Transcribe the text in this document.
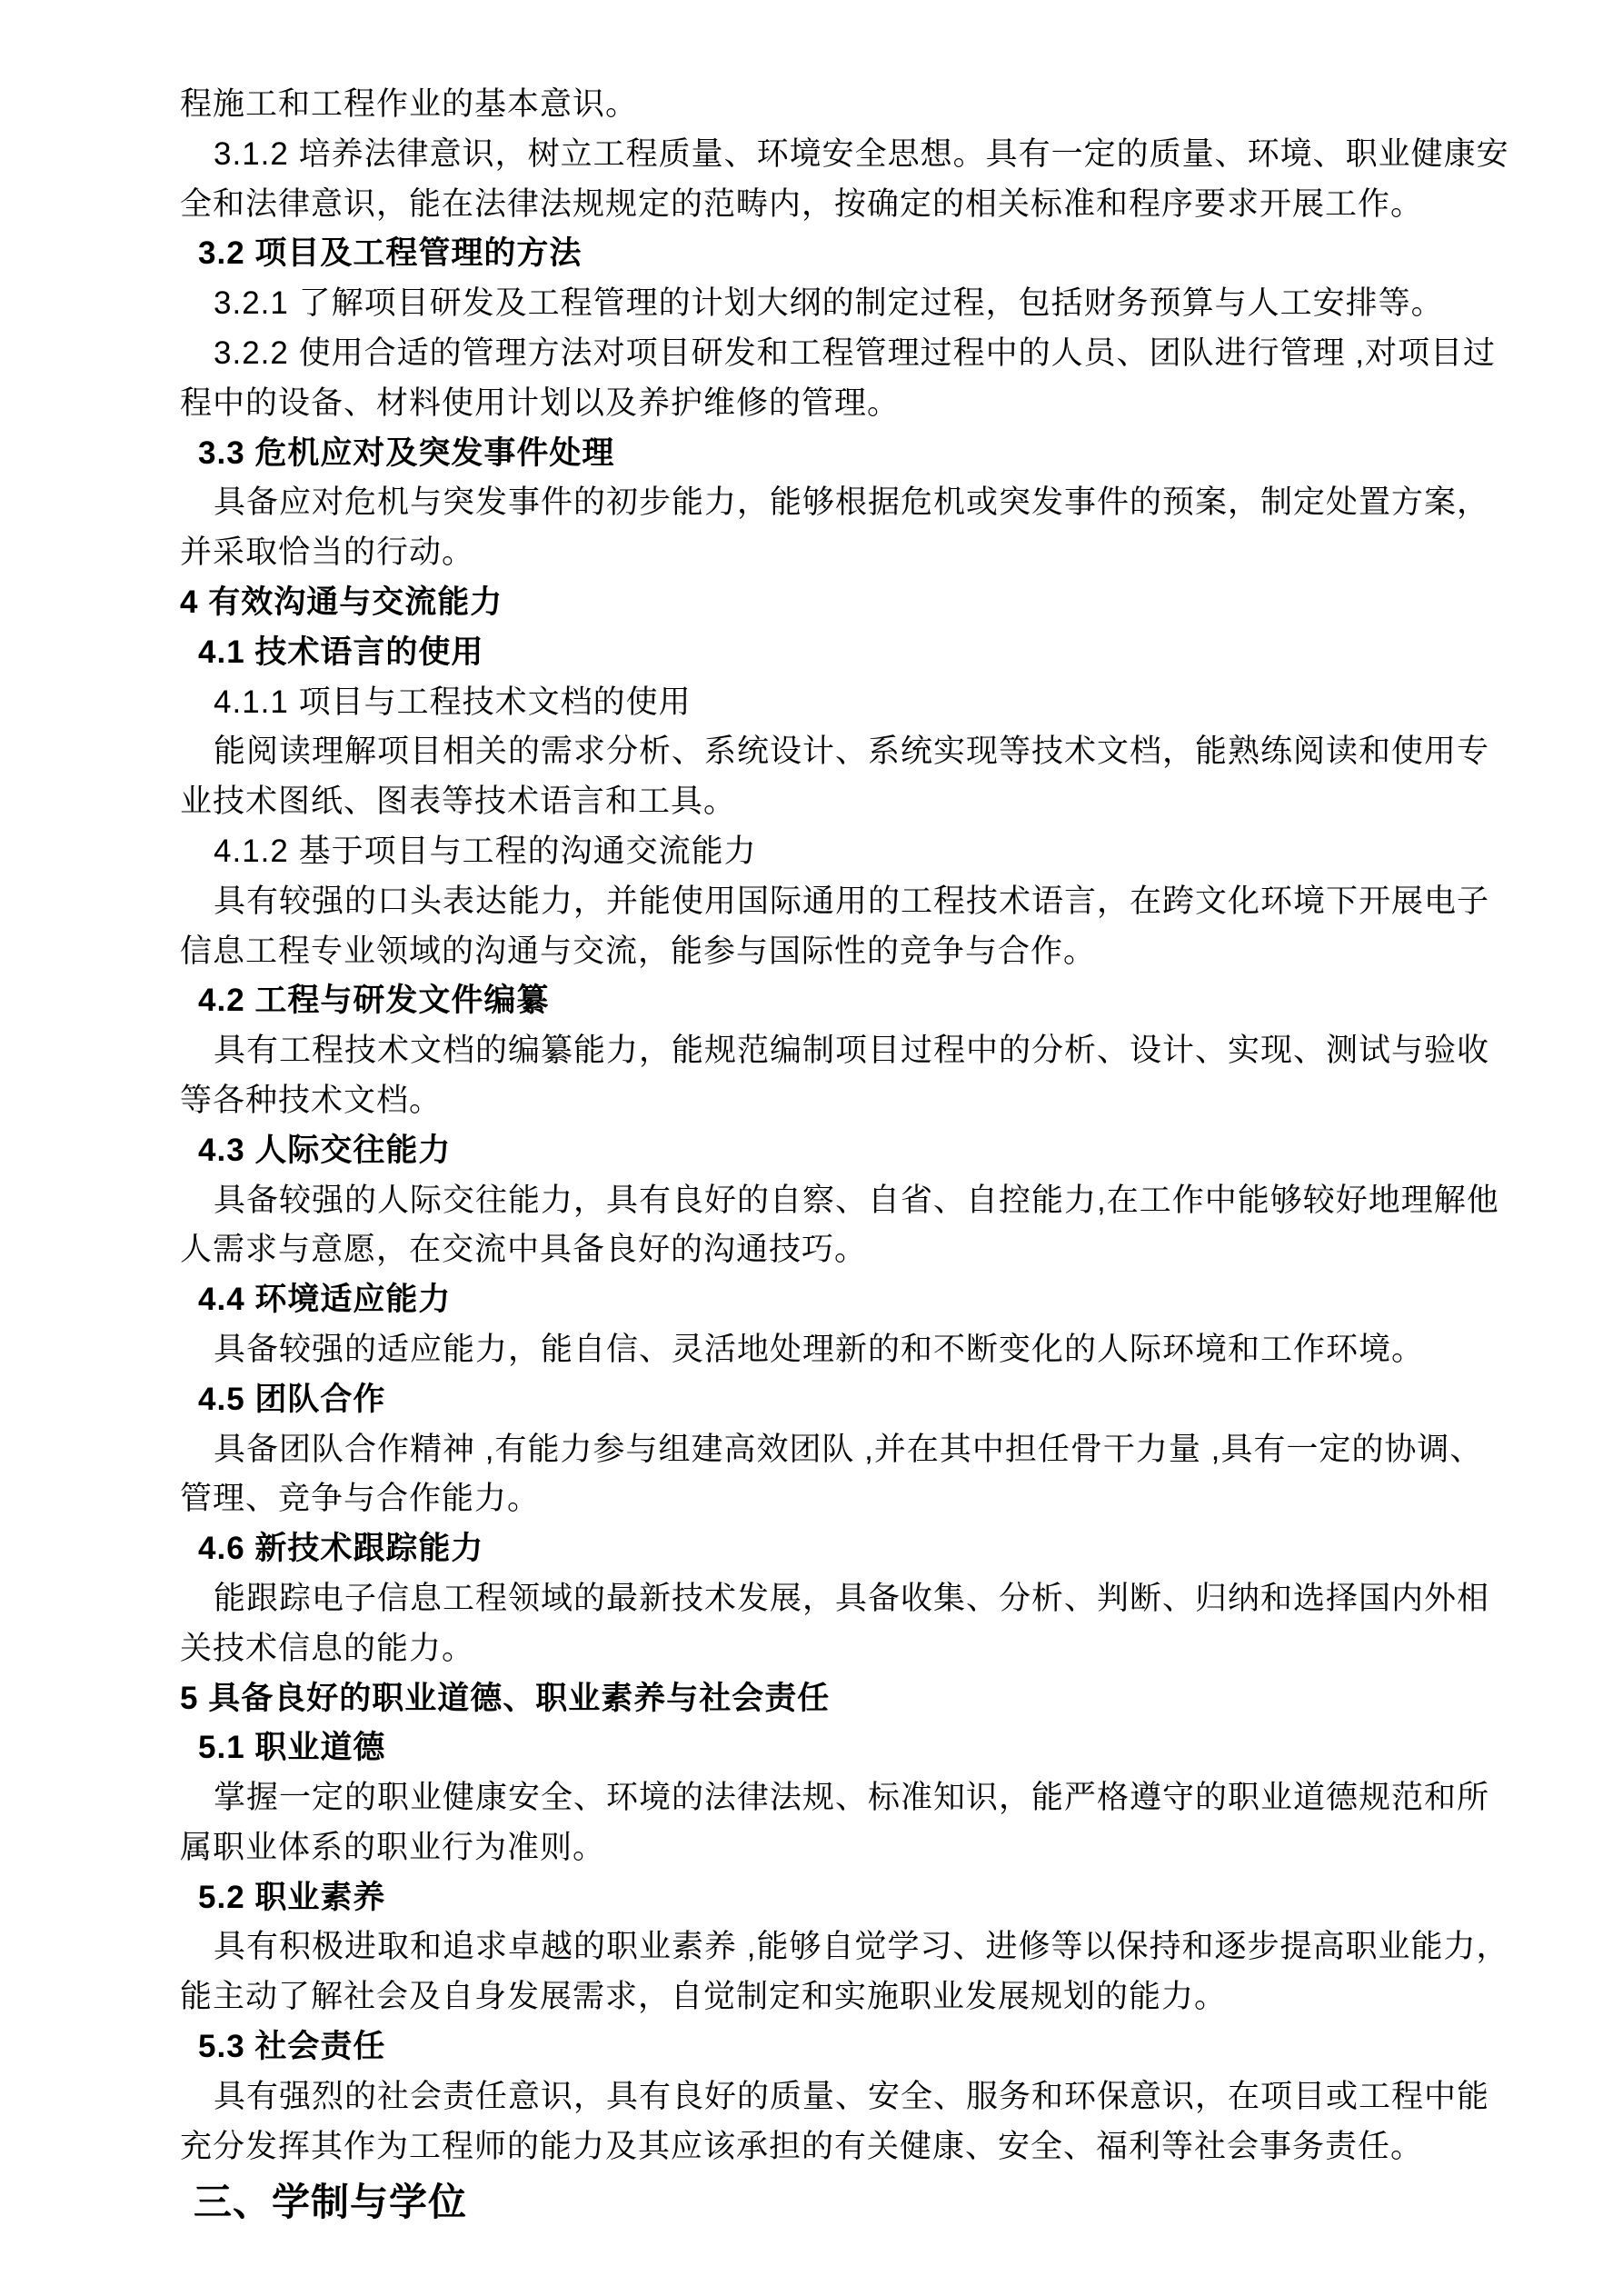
程施工和工程作业的基本意识。
3.1.2 培养法律意识，树立工程质量、环境安全思想。具有一定的质量、环境、职业健康安
全和法律意识，能在法律法规规定的范畴内，按确定的相关标准和程序要求开展工作。
3.2 项目及工程管理的方法
3.2.1 了解项目研发及工程管理的计划大纲的制定过程，包括财务预算与人工安排等。
3.2.2 使用合适的管理方法对项目研发和工程管理过程中的人员、团队进行管理 ,对项目过
程中的设备、材料使用计划以及养护维修的管理。
3.3 危机应对及突发事件处理
具备应对危机与突发事件的初步能力，能够根据危机或突发事件的预案，制定处置方案，
并采取恰当的行动。
4 有效沟通与交流能力
4.1 技术语言的使用
4.1.1 项目与工程技术文档的使用
能阅读理解项目相关的需求分析、系统设计、系统实现等技术文档，能熟练阅读和使用专
业技术图纸、图表等技术语言和工具。
4.1.2 基于项目与工程的沟通交流能力
具有较强的口头表达能力，并能使用国际通用的工程技术语言，在跨文化环境下开展电子
信息工程专业领域的沟通与交流，能参与国际性的竞争与合作。
4.2 工程与研发文件编纂
具有工程技术文档的编纂能力，能规范编制项目过程中的分析、设计、实现、测试与验收
等各种技术文档。
4.3 人际交往能力
具备较强的人际交往能力，具有良好的自察、自省、自控能力,在工作中能够较好地理解他
人需求与意愿，在交流中具备良好的沟通技巧。
4.4 环境适应能力
具备较强的适应能力，能自信、灵活地处理新的和不断变化的人际环境和工作环境。
4.5 团队合作
具备团队合作精神 ,有能力参与组建高效团队 ,并在其中担任骨干力量 ,具有一定的协调、
管理、竞争与合作能力。
4.6 新技术跟踪能力
能跟踪电子信息工程领域的最新技术发展，具备收集、分析、判断、归纳和选择国内外相
关技术信息的能力。
5 具备良好的职业道德、职业素养与社会责任
5.1 职业道德
掌握一定的职业健康安全、环境的法律法规、标准知识，能严格遵守的职业道德规范和所
属职业体系的职业行为准则。
5.2 职业素养
具有积极进取和追求卓越的职业素养 ,能够自觉学习、进修等以保持和逐步提高职业能力，
能主动了解社会及自身发展需求，自觉制定和实施职业发展规划的能力。
5.3 社会责任
具有强烈的社会责任意识，具有良好的质量、安全、服务和环保意识，在项目或工程中能
充分发挥其作为工程师的能力及其应该承担的有关健康、安全、福利等社会事务责任。
三、学制与学位
